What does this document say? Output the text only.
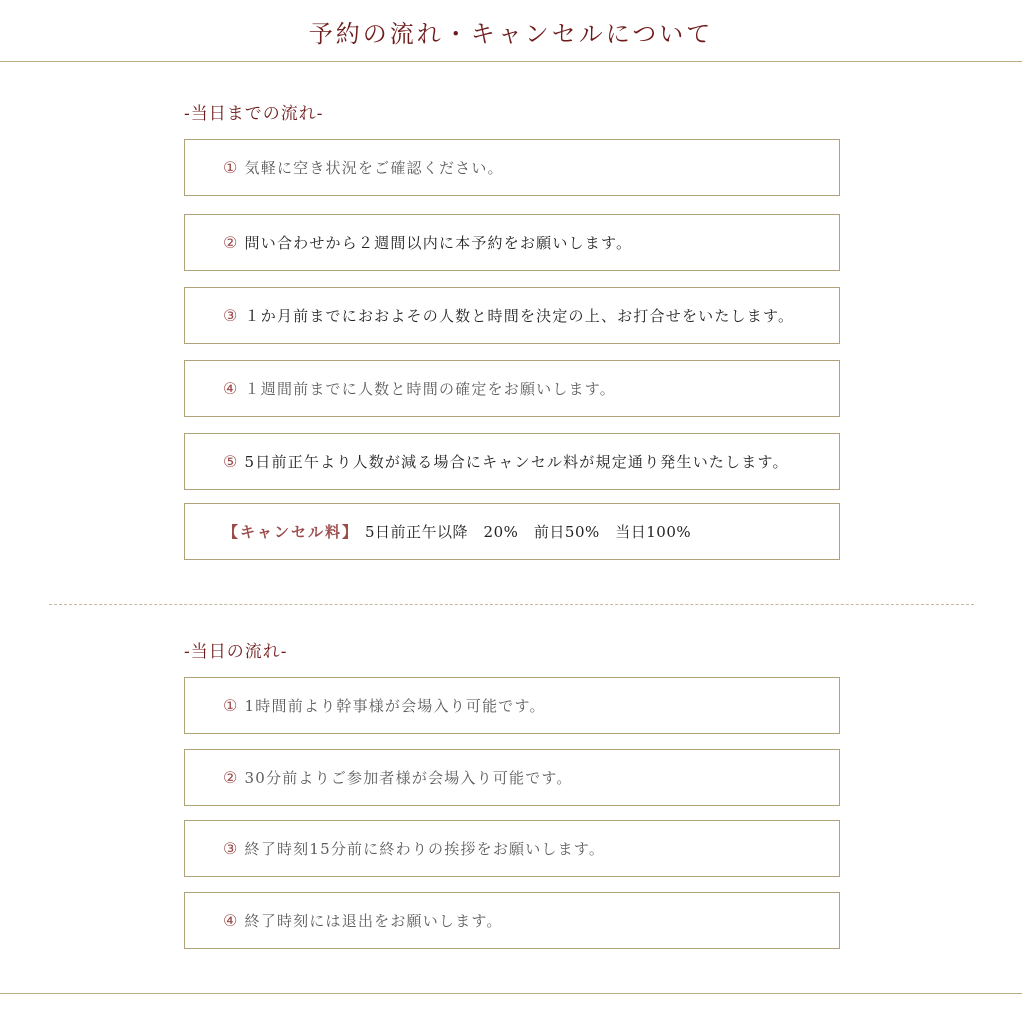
予約の流れ・キャンセルについて
-当日までの流れ-
① 気軽に空き状況をご確認ください。
② 問い合わせから２週間以内に本予約をお願いします。
③ １か月前までにおおよその人数と時間を決定の上、お打合せをいたします。
④ １週間前までに人数と時間の確定をお願いします。
⑤ 5日前正午より人数が減る場合にキャンセル料が規定通り発生いたします。
【キャンセル料】 5日前正午以降　20%　前日50%　当日100%
-当日の流れ-
① 1時間前より幹事様が会場入り可能です。
② 30分前よりご参加者様が会場入り可能です。
③ 終了時刻15分前に終わりの挨拶をお願いします。
④ 終了時刻には退出をお願いします。
